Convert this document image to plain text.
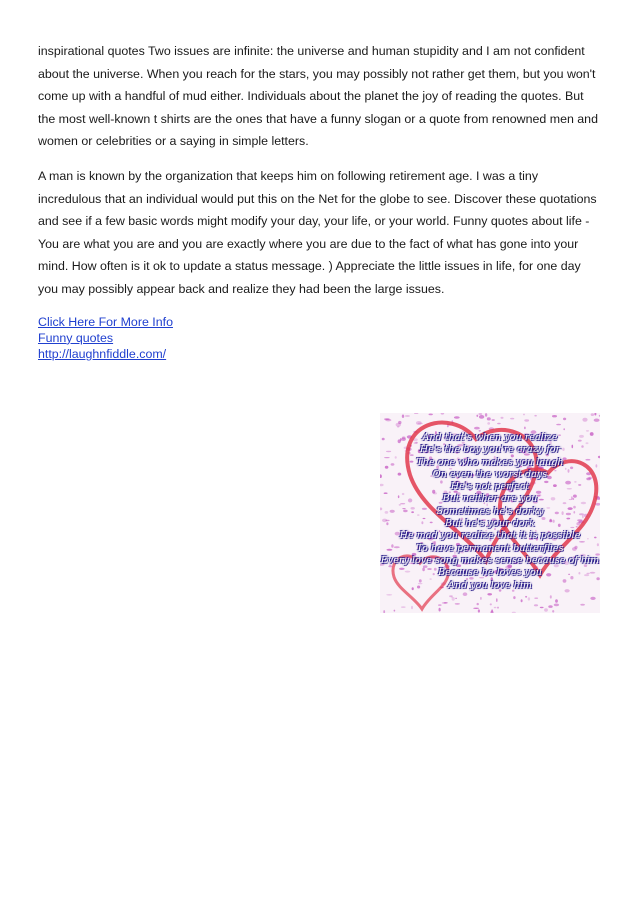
inspirational quotes Two issues are infinite: the universe and human stupidity and I am not confident about the universe. When you reach for the stars, you may possibly not rather get them, but you won't come up with a handful of mud either. Individuals about the planet the joy of reading the quotes. But the most well-known t shirts are the ones that have a funny slogan or a quote from renowned men and women or celebrities or a saying in simple letters.

A man is known by the organization that keeps him on following retirement age. I was a tiny incredulous that an individual would put this on the Net for the globe to see. Discover these quotations and see if a few basic words might modify your day, your life, or your world. Funny quotes about life - You are what you are and you are exactly where you are due to the fact of what has gone into your mind. How often is it ok to update a status message. ) Appreciate the little issues in life, for one day you may possibly appear back and realize they had been the large issues.

Click Here For More Info
Funny quotes
http://laughnfiddle.com/
And that's when you realize
He's the boy you're crazy for
The one who makes you laugh
On even the worst days
He's not perfect
But neither are you
Sometimes he's dorky
But he's your dork
He mad you realize that it is possible
To have permanent butterflies
Every love song makes sense because of him
Because he loves you
And you love him
